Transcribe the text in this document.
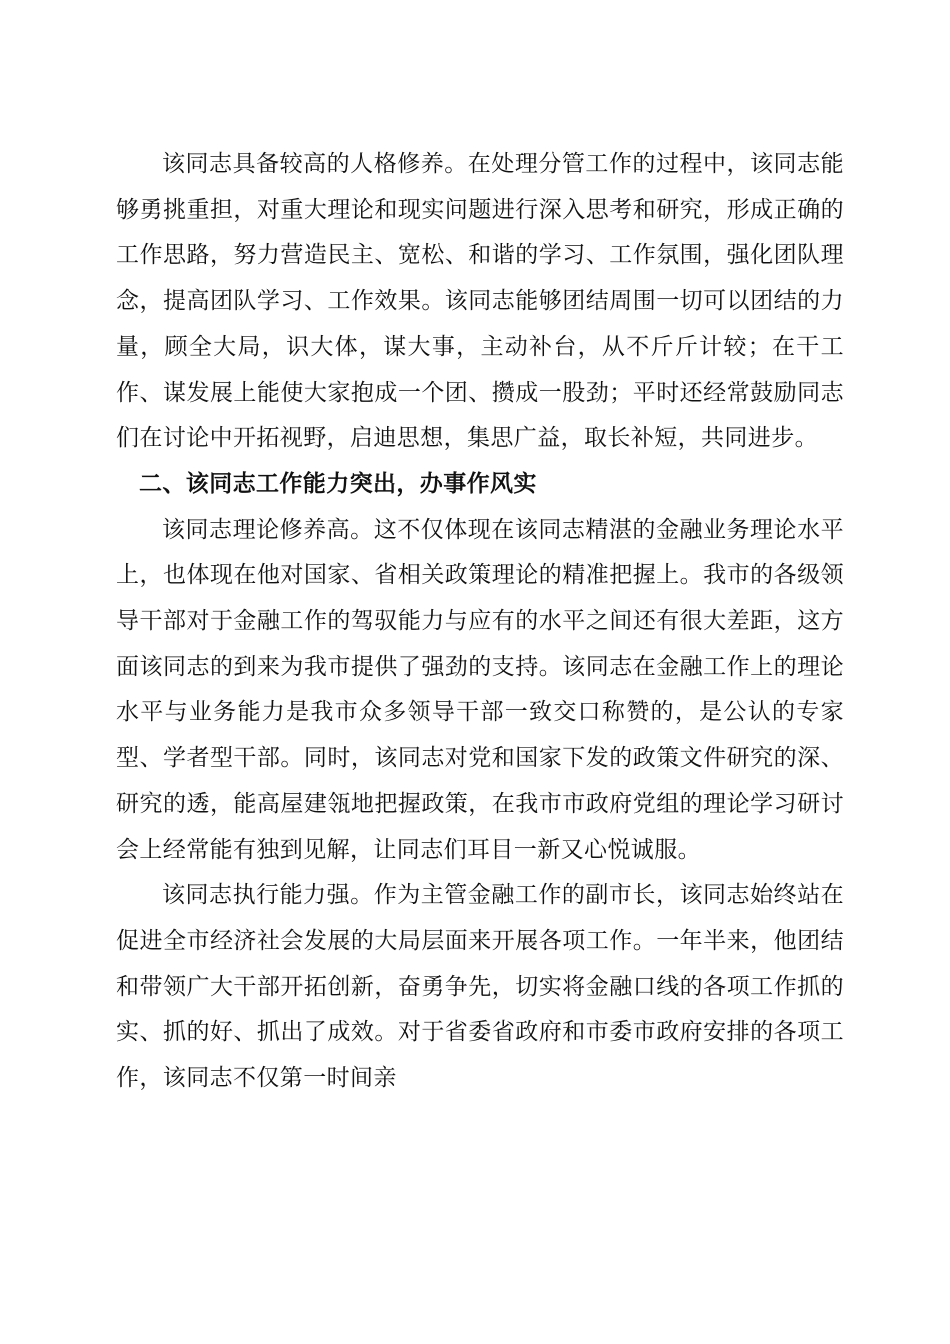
该同志具备较高的人格修养。在处理分管工作的过程中，该同志能够勇挑重担，对重大理论和现实问题进行深入思考和研究，形成正确的工作思路，努力营造民主、宽松、和谐的学习、工作氛围，强化团队理念，提高团队学习、工作效果。该同志能够团结周围一切可以团结的力量，顾全大局，识大体，谋大事，主动补台，从不斤斤计较；在干工作、谋发展上能使大家抱成一个团、攒成一股劲；平时还经常鼓励同志们在讨论中开拓视野，启迪思想，集思广益，取长补短，共同进步。

二、该同志工作能力突出，办事作风实

该同志理论修养高。这不仅体现在该同志精湛的金融业务理论水平上，也体现在他对国家、省相关政策理论的精准把握上。我市的各级领导干部对于金融工作的驾驭能力与应有的水平之间还有很大差距，这方面该同志的到来为我市提供了强劲的支持。该同志在金融工作上的理论水平与业务能力是我市众多领导干部一致交口称赞的，是公认的专家型、学者型干部。同时，该同志对党和国家下发的政策文件研究的深、研究的透，能高屋建瓴地把握政策，在我市市政府党组的理论学习研讨会上经常能有独到见解，让同志们耳目一新又心悦诚服。

该同志执行能力强。作为主管金融工作的副市长，该同志始终站在促进全市经济社会发展的大局层面来开展各项工作。一年半来，他团结和带领广大干部开拓创新，奋勇争先，切实将金融口线的各项工作抓的实、抓的好、抓出了成效。对于省委省政府和市委市政府安排的各项工作，该同志不仅第一时间亲
